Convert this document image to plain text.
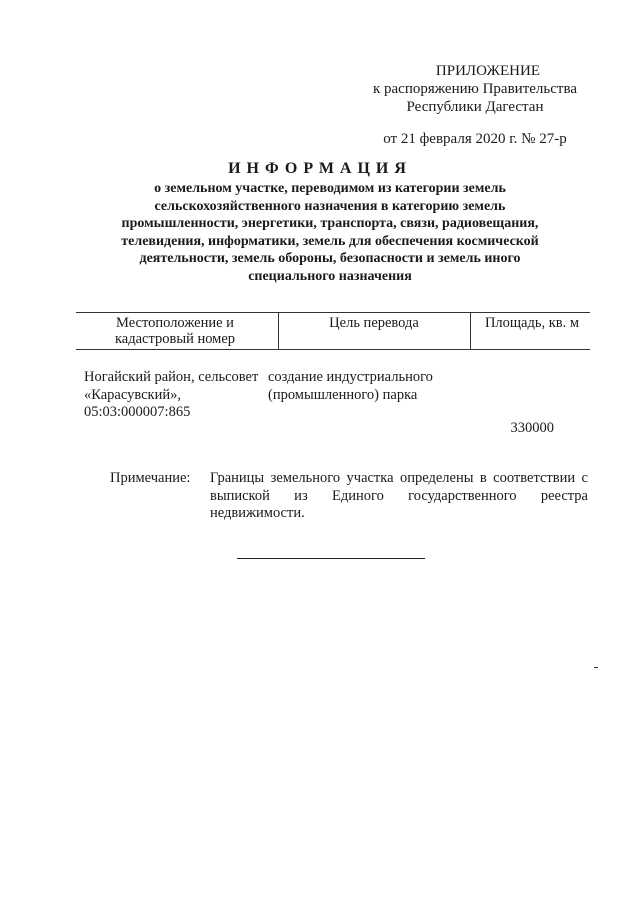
ПРИЛОЖЕНИЕ
к распоряжению Правительства
Республики Дагестан
от 21 февраля 2020 г. № 27-р
ИНФОРМАЦИЯ
о земельном участке, переводимом из категории земель сельскохозяйственного назначения в категорию земель промышленности, энергетики, транспорта, связи, радиовещания, телевидения, информатики, земель для обеспечения космической деятельности, земель обороны, безопасности и земель иного специального назначения
Местоположение и кадастровый номер
Цель перевода	Площадь, кв. м
Ногайский район, сельсовет «Карасувский», 05:03:000007:865
создание индустриального (промышленного) парка
330000
Примечание: Границы земельного участка определены в соответствии с выпиской из Единого государственного реестра недвижимости.
